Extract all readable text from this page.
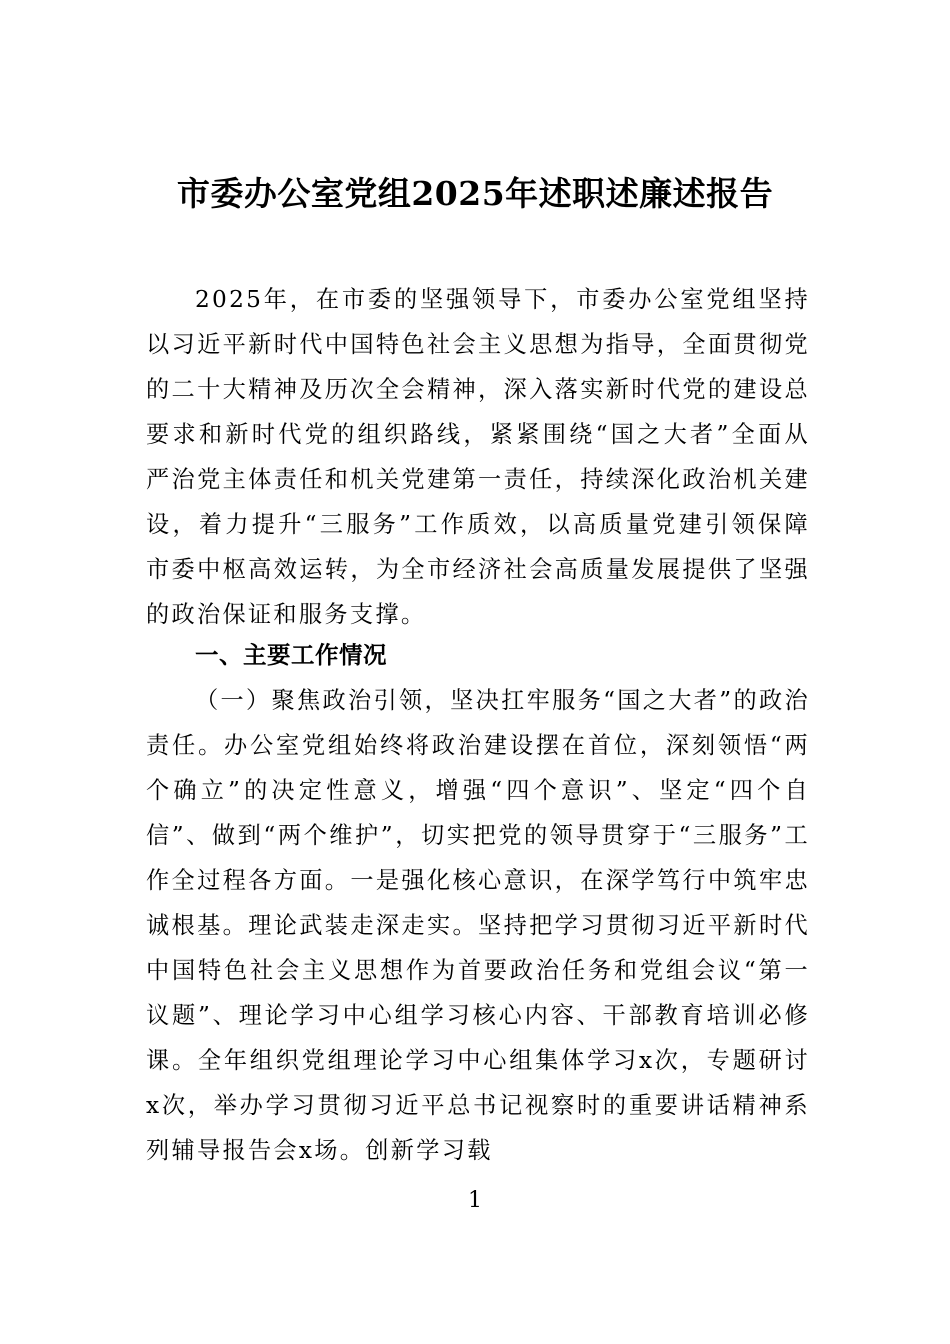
市委办公室党组2025年述职述廉述报告

2025年，在市委的坚强领导下，市委办公室党组坚持以习近平新时代中国特色社会主义思想为指导，全面贯彻党的二十大精神及历次全会精神，深入落实新时代党的建设总要求和新时代党的组织路线，紧紧围绕“国之大者”全面从严治党主体责任和机关党建第一责任，持续深化政治机关建设，着力提升“三服务”工作质效，以高质量党建引领保障市委中枢高效运转，为全市经济社会高质量发展提供了坚强的政治保证和服务支撑。

一、主要工作情况

（一）聚焦政治引领，坚决扛牢服务“国之大者”的政治责任。办公室党组始终将政治建设摆在首位，深刻领悟“两个确立”的决定性意义，增强“四个意识”、坚定“四个自信”、做到“两个维护”，切实把党的领导贯穿于“三服务”工作全过程各方面。一是强化核心意识，在深学笃行中筑牢忠诚根基。理论武装走深走实。坚持把学习贯彻习近平新时代中国特色社会主义思想作为首要政治任务和党组会议“第一议题”、理论学习中心组学习核心内容、干部教育培训必修课。全年组织党组理论学习中心组集体学习x次，专题研讨x次，举办学习贯彻习近平总书记视察时的重要讲话精神系列辅导报告会x场。创新学习载

1
